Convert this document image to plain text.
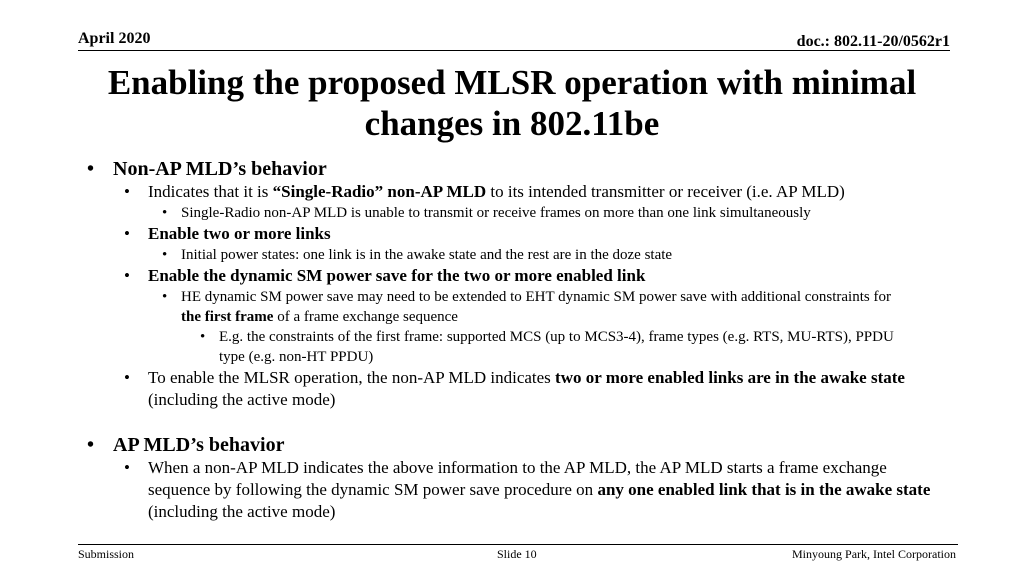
April 2020	doc.: 802.11-20/0562r1
Enabling the proposed MLSR operation with minimal
changes in 802.11be
• Non-AP MLD’s behavior
• Indicates that it is “Single-Radio” non-AP MLD to its intended transmitter or receiver (i.e. AP MLD)
• Single-Radio non-AP MLD is unable to transmit or receive frames on more than one link simultaneously
• Enable two or more links
• Initial power states: one link is in the awake state and the rest are in the doze state
• Enable the dynamic SM power save for the two or more enabled link
• HE dynamic SM power save may need to be extended to EHT dynamic SM power save with additional constraints for the first frame of a frame exchange sequence
• E.g. the constraints of the first frame: supported MCS (up to MCS3-4), frame types (e.g. RTS, MU-RTS), PPDU type (e.g. non-HT PPDU)
• To enable the MLSR operation, the non-AP MLD indicates two or more enabled links are in the awake state (including the active mode)
• AP MLD’s behavior
• When a non-AP MLD indicates the above information to the AP MLD, the AP MLD starts a frame exchange sequence by following the dynamic SM power save procedure on any one enabled link that is in the awake state (including the active mode)
Submission	Slide 10	Minyoung Park, Intel Corporation
